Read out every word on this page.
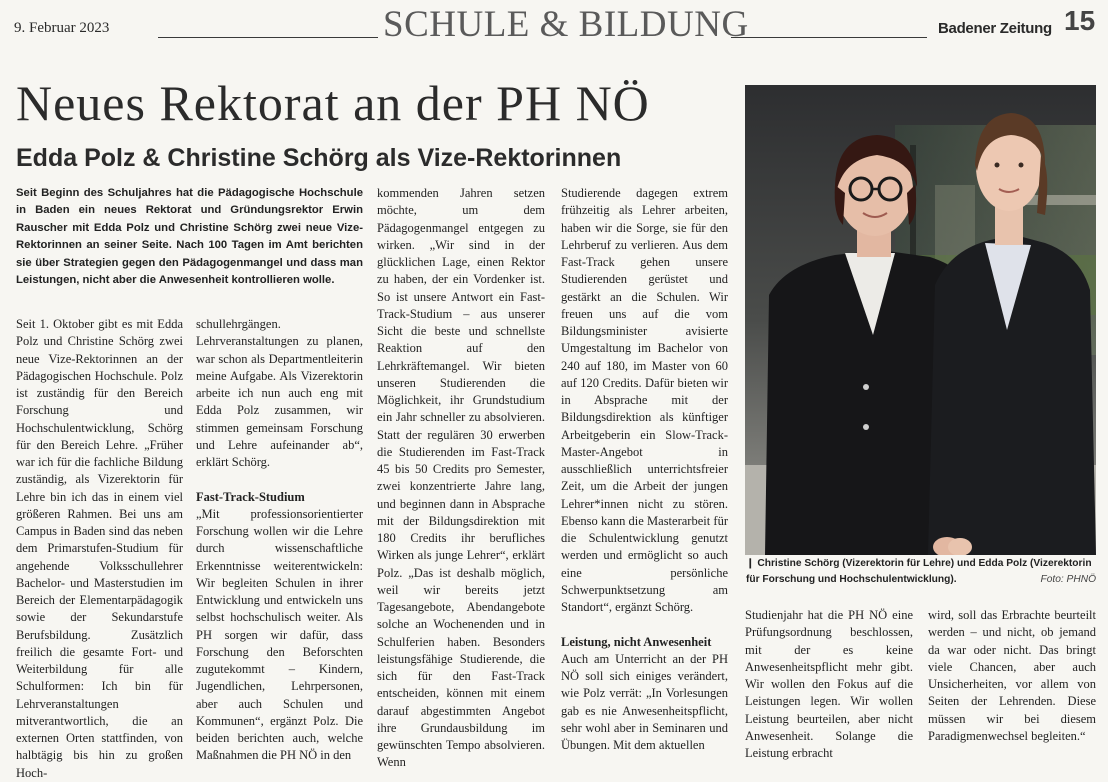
9. Februar 2023	SCHULE & BILDUNG	Badener Zeitung 15
Neues Rektorat an der PH NÖ
Edda Polz & Christine Schörg als Vize-Rektorinnen
Seit Beginn des Schuljahres hat die Pädagogische Hochschule in Baden ein neues Rektorat und Gründungsrektor Erwin Rauscher mit Edda Polz und Christine Schörg zwei neue Vize-Rektorinnen an seiner Seite. Nach 100 Tagen im Amt berichten sie über Strategien gegen den Pädagogenmangel und dass man Leistungen, nicht aber die Anwesenheit kontrollieren wolle.

Seit 1. Oktober gibt es mit Edda Polz und Christine Schörg zwei neue Vize-Rektorinnen an der Pädagogischen Hochschule. Polz ist zuständig für den Bereich Forschung und Hochschulentwicklung, Schörg für den Bereich Lehre. „Früher war ich für die fachliche Bildung zuständig, als Vizerektorin für Lehre bin ich das in einem viel größeren Rahmen. Bei uns am Campus in Baden sind das neben dem Primarstufen-Studium für angehende Volksschullehrer Bachelor- und Masterstudien im Bereich der Elementarpädagogik sowie der Sekundarstufe Berufsbildung. Zusätzlich freilich die gesamte Fort- und Weiterbildung für alle Schulformen: Ich bin für Lehrveranstaltungen mitverantwortlich, die an externen Orten stattfinden, von halbtägig bis hin zu großen Hoch-

schullehrgängen. Lehrveranstaltungen zu planen, war schon als Departmentleiterin meine Aufgabe. Als Vizerektorin arbeite ich nun auch eng mit Edda Polz zusammen, wir stimmen gemeinsam Forschung und Lehre aufeinander ab“, erklärt Schörg.

Fast-Track-Studium

„Mit professionsorientierter Forschung wollen wir die Lehre durch wissenschaftliche Erkenntnisse weiterentwickeln: Wir begleiten Schulen in ihrer Entwicklung und entwickeln uns selbst hochschulisch weiter. Als PH sorgen wir dafür, dass Forschung den Beforschten zugutekommt – Kindern, Jugendlichen, Lehrpersonen, aber auch Schulen und Kommunen“, ergänzt Polz. Die beiden berichten auch, welche Maßnahmen die PH NÖ in den

kommenden Jahren setzen möchte, um dem Pädagogenmangel entgegen zu wirken. „Wir sind in der glücklichen Lage, einen Rektor zu haben, der ein Vordenker ist. So ist unsere Antwort ein Fast-Track-Studium – aus unserer Sicht die beste und schnellste Reaktion auf den Lehrkräftemangel. Wir bieten unseren Studierenden die Möglichkeit, ihr Grundstudium ein Jahr schneller zu absolvieren. Statt der regulären 30 erwerben die Studierenden im Fast-Track 45 bis 50 Credits pro Semester, zwei konzentrierte Jahre lang, und beginnen dann in Absprache mit der Bildungsdirektion mit 180 Credits ihr berufliches Wirken als junge Lehrer“, erklärt Polz. „Das ist deshalb möglich, weil wir bereits jetzt Tagesangebote, Abendangebote solche an Wochenenden und in Schulferien haben. Besonders leistungsfähige Studierende, die sich für den Fast-Track entscheiden, können mit einem darauf abgestimmten Angebot ihre Grundausbildung im gewünschten Tempo absolvieren. Wenn

Studierende dagegen extrem frühzeitig als Lehrer arbeiten, haben wir die Sorge, sie für den Lehrberuf zu verlieren. Aus dem Fast-Track gehen unsere Studierenden gerüstet und gestärkt an die Schulen. Wir freuen uns auf die vom Bildungsminister avisierte Umgestaltung im Bachelor von 240 auf 180, im Master von 60 auf 120 Credits. Dafür bieten wir in Absprache mit der Bildungsdirektion als künftiger Arbeitgeberin ein Slow-Track-Master-Angebot in ausschließlich unterrichtsfreier Zeit, um die Arbeit der jungen Lehrer*innen nicht zu stören. Ebenso kann die Masterarbeit für die Schulentwicklung genutzt werden und ermöglicht so auch eine persönliche Schwerpunktsetzung am Standort“, ergänzt Schörg.

Leistung, nicht Anwesenheit

Auch am Unterricht an der PH NÖ soll sich einiges verändert, wie Polz verrät: „In Vorlesungen gab es nie Anwesenheitspflicht, sehr wohl aber in Seminaren und Übungen. Mit dem aktuellen

Studienjahr hat die PH NÖ eine Prüfungsordnung beschlossen, mit der es keine Anwesenheitspflicht mehr gibt. Wir wollen den Fokus auf die Leistungen legen. Wir wollen Leistung beurteilen, aber nicht Anwesenheit. Solange die Leistung erbracht

wird, soll das Erbrachte beurteilt werden – und nicht, ob jemand da war oder nicht. Das bringt viele Chancen, aber auch Unsicherheiten, vor allem von Seiten der Lehrenden. Diese müssen wir bei diesem Paradigmenwechsel begleiten.“

❙ Christine Schörg (Vizerektorin für Lehre) und Edda Polz (Vizerektorin für Forschung und Hochschulentwicklung).	Foto: PHNÖ
